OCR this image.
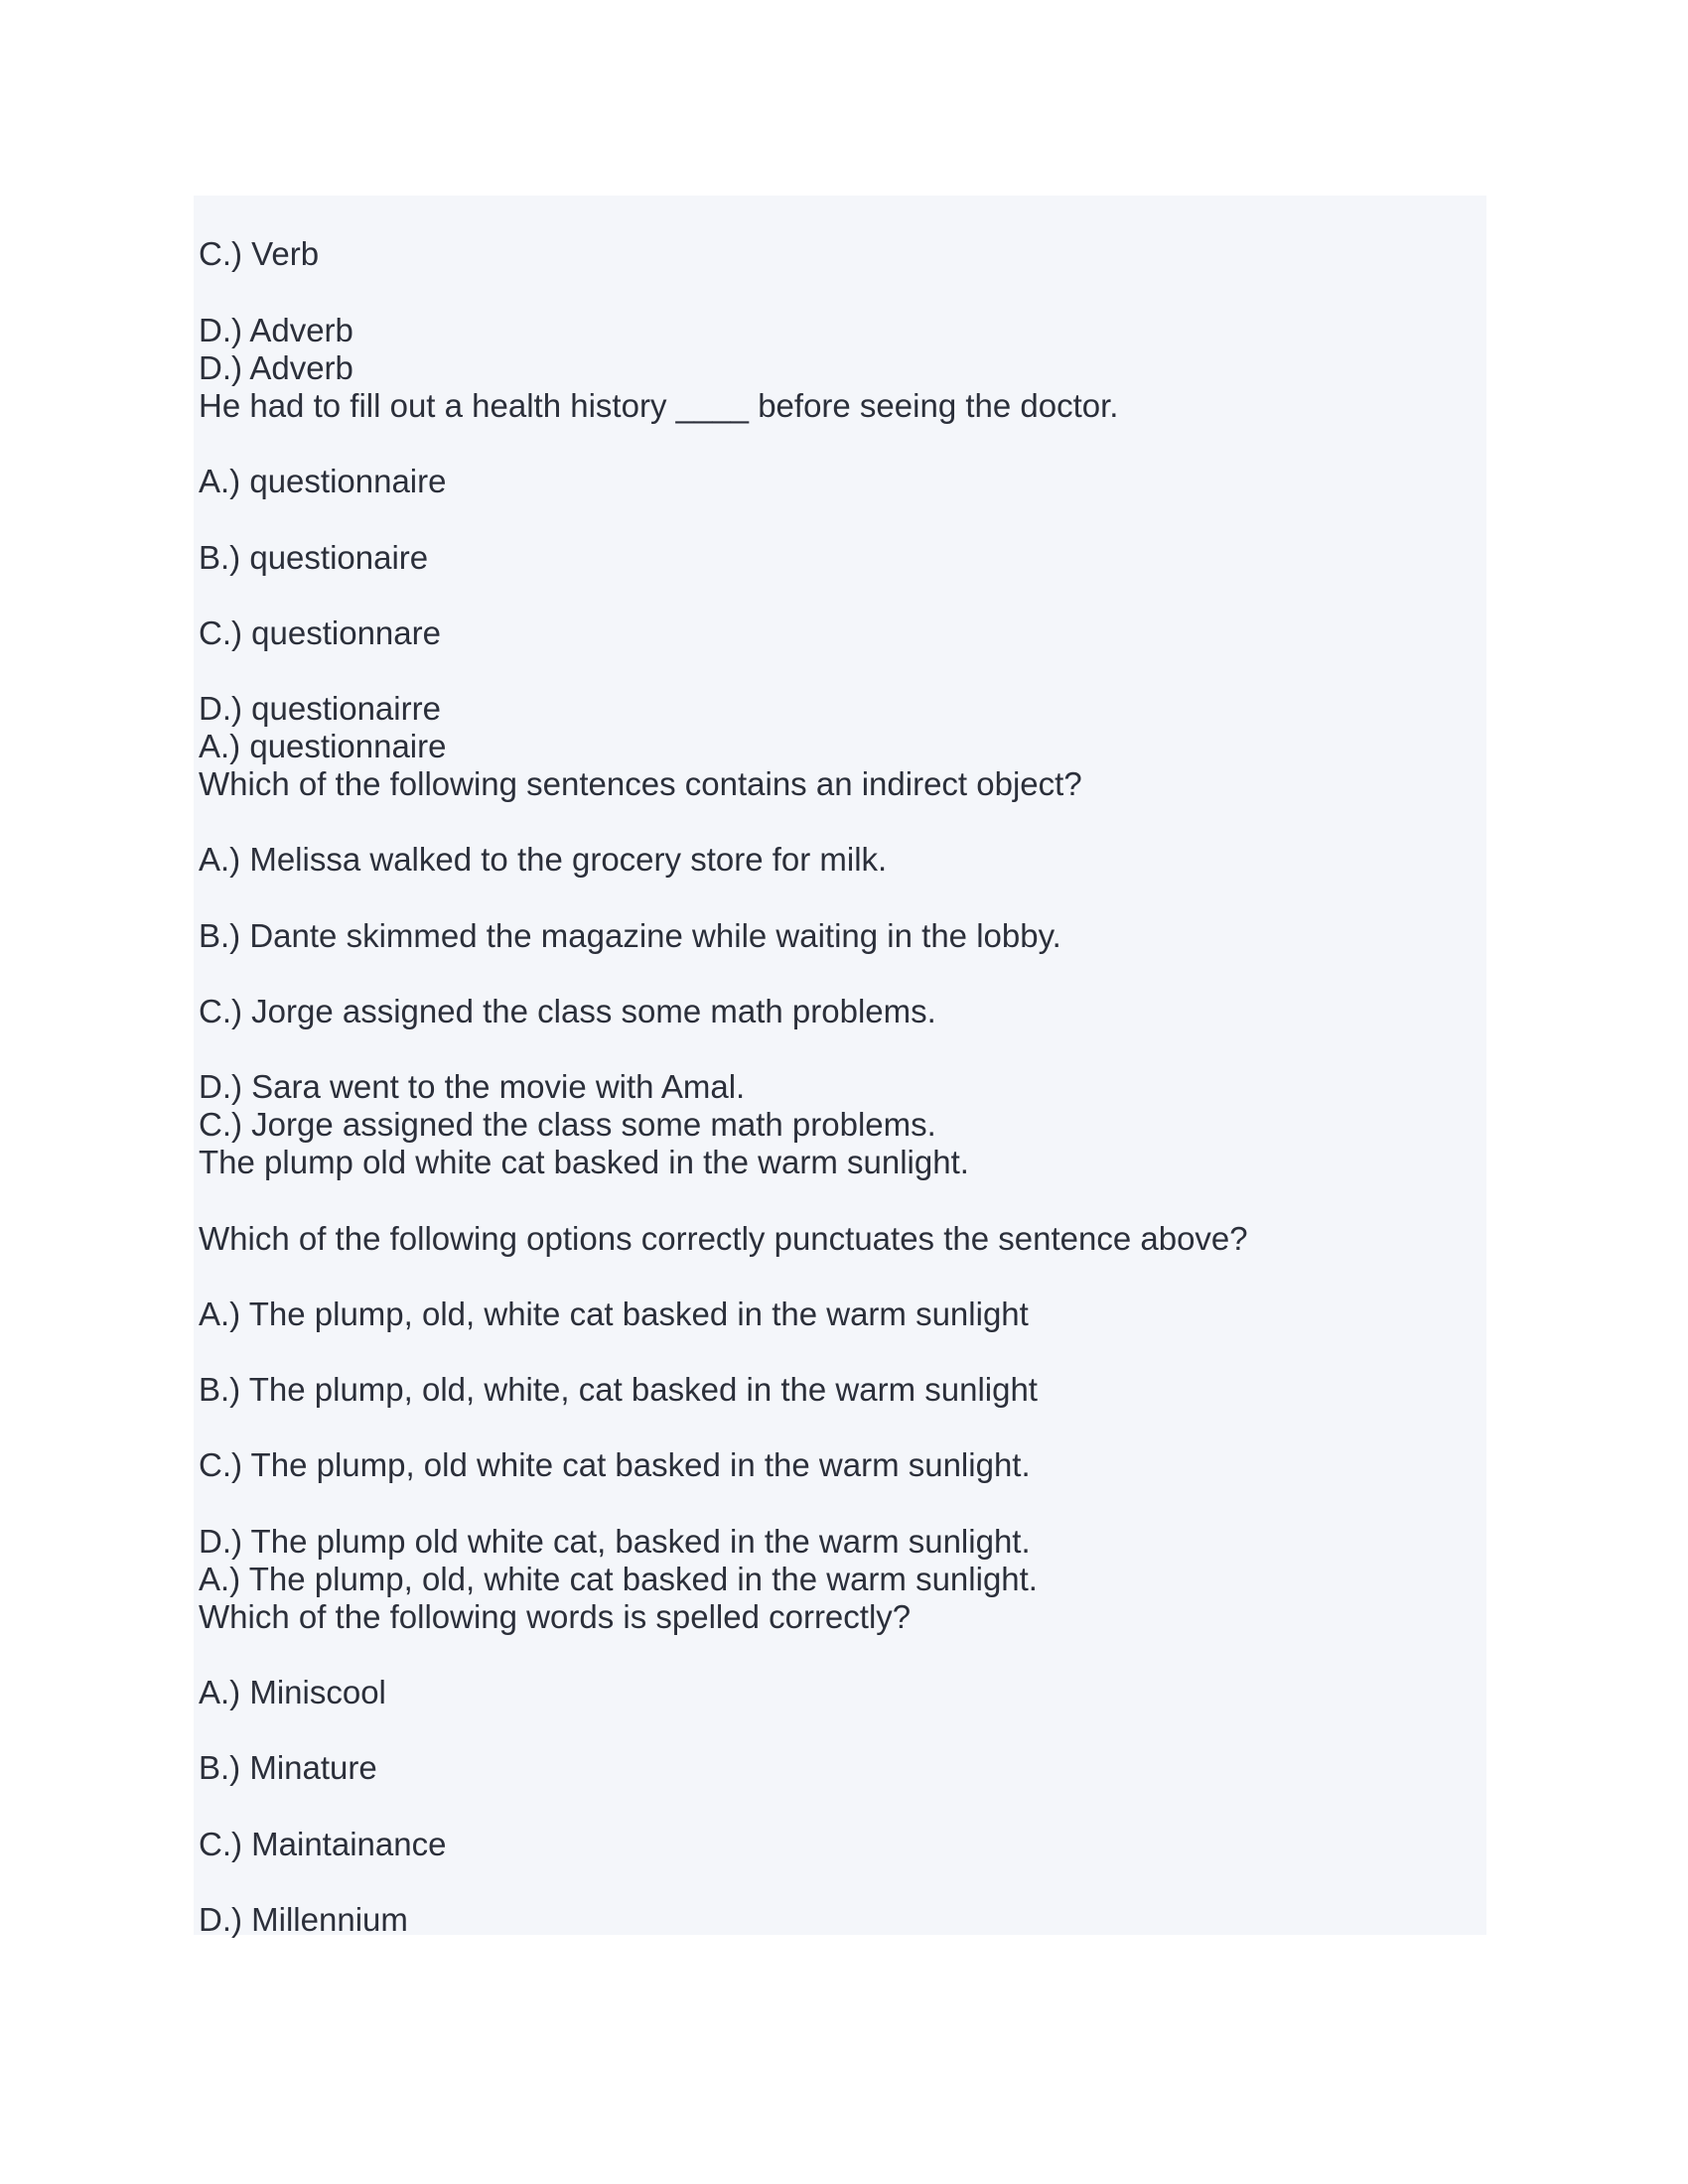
C.) Verb
D.) Adverb
D.) Adverb
He had to fill out a health history ____ before seeing the doctor.
A.) questionnaire
B.) questionaire
C.) questionnare
D.) questionairre
A.) questionnaire
Which of the following sentences contains an indirect object?
A.) Melissa walked to the grocery store for milk.
B.) Dante skimmed the magazine while waiting in the lobby.
C.) Jorge assigned the class some math problems.
D.) Sara went to the movie with Amal.
C.) Jorge assigned the class some math problems.
The plump old white cat basked in the warm sunlight.
Which of the following options correctly punctuates the sentence above?
A.) The plump, old, white cat basked in the warm sunlight
B.) The plump, old, white, cat basked in the warm sunlight
C.) The plump, old white cat basked in the warm sunlight.
D.) The plump old white cat, basked in the warm sunlight.
A.) The plump, old, white cat basked in the warm sunlight.
Which of the following words is spelled correctly?
A.) Miniscool
B.) Minature
C.) Maintainance
D.) Millennium
